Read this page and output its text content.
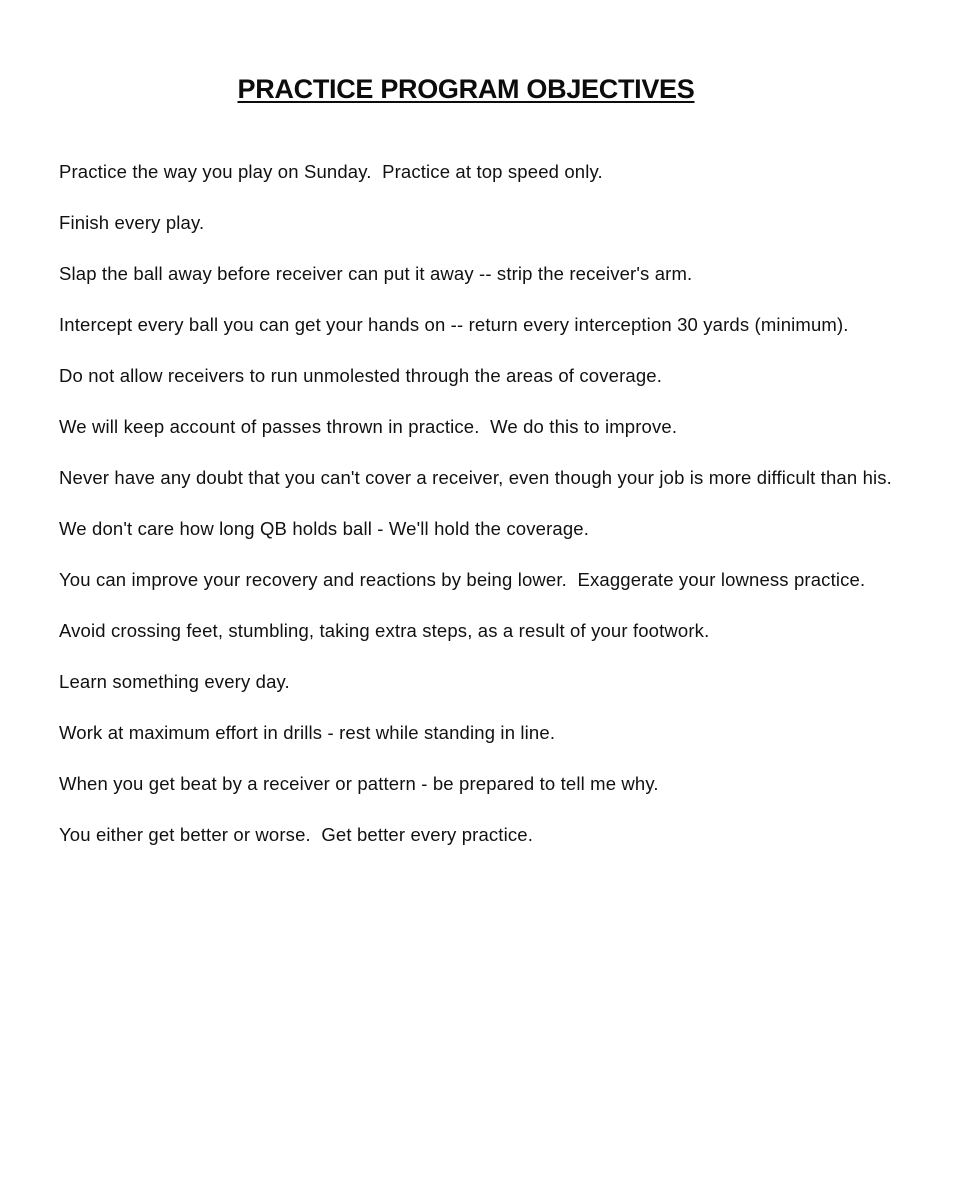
PRACTICE PROGRAM OBJECTIVES
Practice the way you play on Sunday.  Practice at top speed only.
Finish every play.
Slap the ball away before receiver can put it away -- strip the receiver's arm.
Intercept every ball you can get your hands on -- return every interception 30 yards (minimum).
Do not allow receivers to run unmolested through the areas of coverage.
We will keep account of passes thrown in practice.  We do this to improve.
Never have any doubt that you can't cover a receiver, even though your job is more difficult than his.
We don't care how long QB holds ball - We'll hold the coverage.
You can improve your recovery and reactions by being lower.  Exaggerate your lowness practice.
Avoid crossing feet, stumbling, taking extra steps, as a result of your footwork.
Learn something every day.
Work at maximum effort in drills - rest while standing in line.
When you get beat by a receiver or pattern - be prepared to tell me why.
You either get better or worse.  Get better every practice.
